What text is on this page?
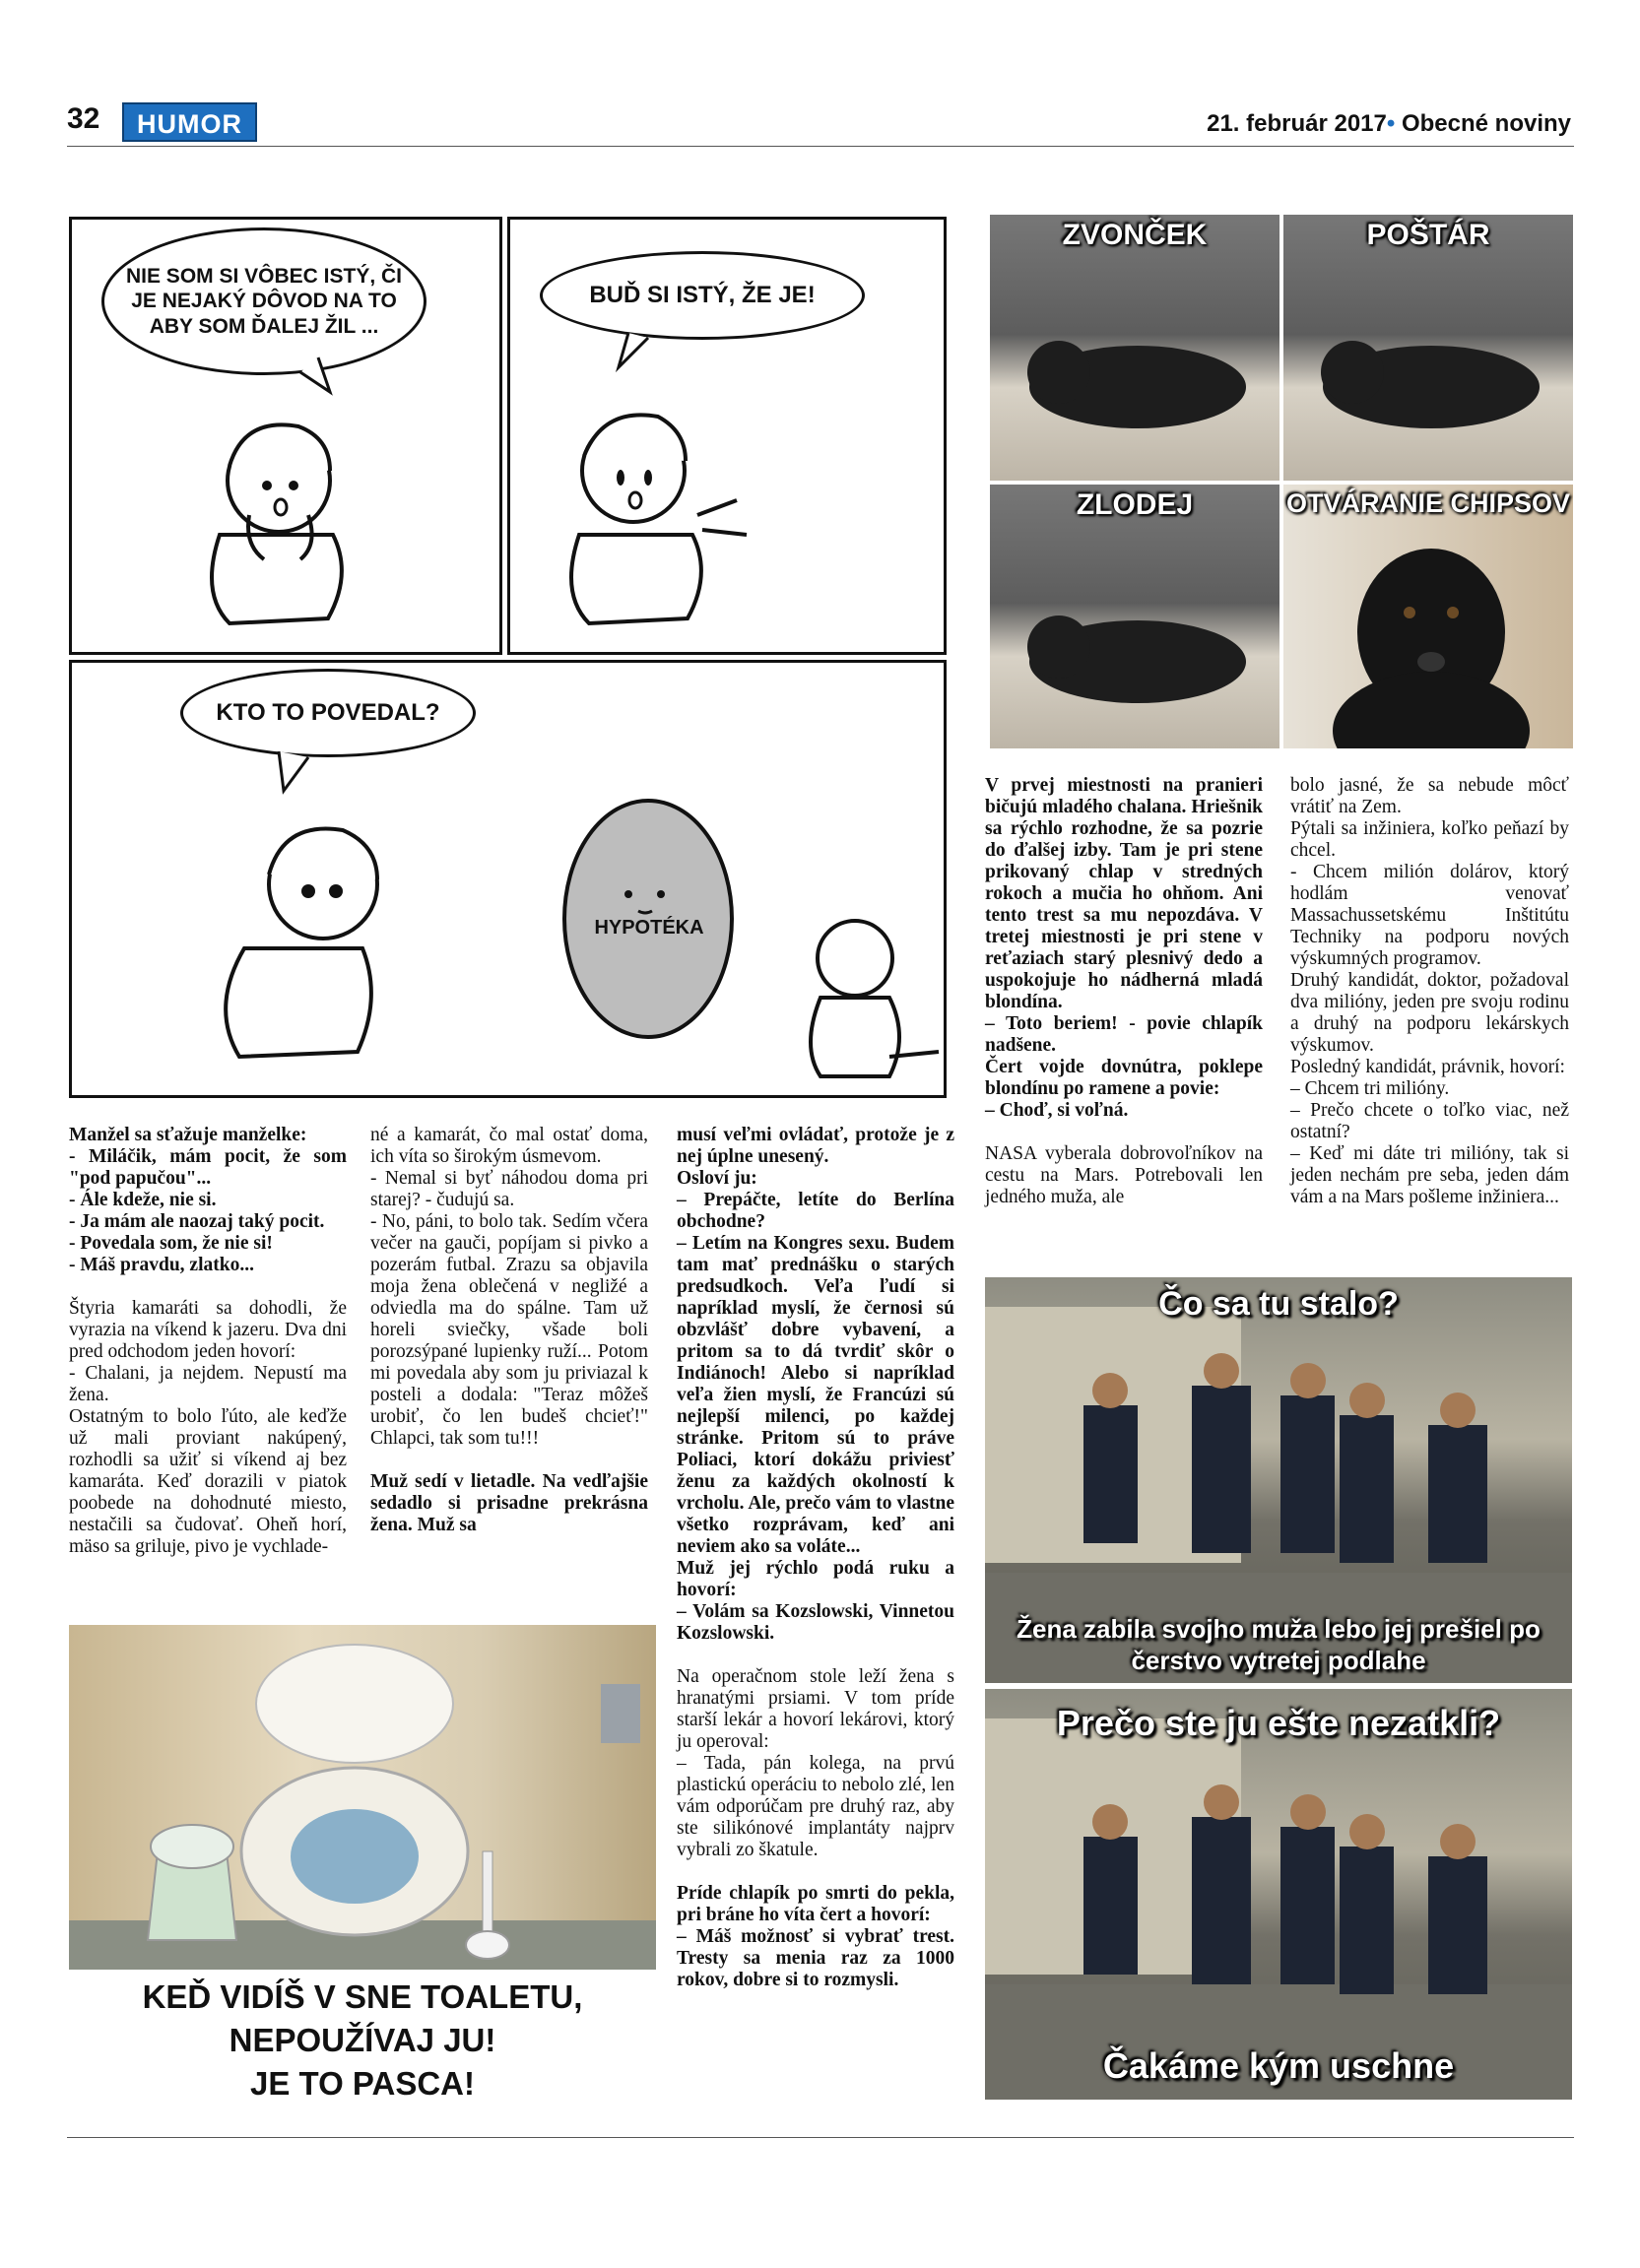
32	HUMOR	21. február 2017• Obecné noviny
NIE SOM SI VÔBEC ISTÝ, ČI JE NEJAKÝ DÔVOD NA TO ABY SOM ĎALEJ ŽIL ...
BUĎ SI ISTÝ, ŽE JE!
KTO TO POVEDAL?
HYPOTÉKA
ZVONČEK	POŠTÁR
ZLODEJ	OTVÁRANIE CHIPSOV

Manžel sa sťažuje manželke:

- Miláčik, mám pocit, že som "pod papučou"...

- Ále kdeže, nie si.

- Ja mám ale naozaj taký pocit.

- Povedala som, že nie si!

- Máš pravdu, zlatko...

Štyria kamaráti sa dohodli, že vyrazia na víkend k jazeru. Dva dni pred odchodom jeden hovorí:

- Chalani, ja nejdem. Nepustí ma žena.

Ostatným to bolo ľúto, ale keďže už mali proviant nakúpený, rozhodli sa užiť si víkend aj bez kamaráta. Keď dorazili v piatok poobede na dohodnuté miesto, nestačili sa čudovať. Oheň horí, mäso sa griluje, pivo je vychlade-

né a kamarát, čo mal ostať doma, ich víta so širokým úsmevom.

- Nemal si byť náhodou doma pri starej? - čudujú sa.

- No, páni, to bolo tak. Sedím včera večer na gauči, popíjam si pivko a pozerám futbal. Zrazu sa objavila moja žena oblečená v negližé a odviedla ma do spálne. Tam už horeli sviečky, všade boli porozsýpané lupienky ruží... Potom mi povedala aby som ju priviazal k posteli a dodala: "Teraz môžeš urobiť, čo len budeš chcieť!" Chlapci, tak som tu!!!

Muž sedí v lietadle. Na vedľajšie sedadlo si prisadne prekrásna žena. Muž sa

musí veľmi ovládať, protože je z nej úplne unesený.

Osloví ju:

– Prepáčte, letíte do Berlína obchodne?

– Letím na Kongres sexu. Budem tam mať prednášku o starých predsudkoch. Veľa ľudí si napríklad myslí, že černosi sú obzvlášť dobre vybavení, a pritom sa to dá tvrdiť skôr o Indiánoch! Alebo si napríklad veľa žien myslí, že Francúzi sú nejlepší milenci, po každej stránke. Pritom sú to práve Poliaci, ktorí dokážu priviesť ženu za každých okolností k vrcholu. Ale, prečo vám to vlastne všetko rozprávam, keď ani neviem ako sa voláte...

Muž jej rýchlo podá ruku a hovorí:

– Volám sa Kozslowski, Vinnetou Kozslowski.

Na operačnom stole leží žena s hranatými prsiami. V tom príde starší lekár a hovorí lekárovi, ktorý ju operoval:

– Tada, pán kolega, na prvú plastickú operáciu to nebolo zlé, len vám odporúčam pre druhý raz, aby ste silikónové implantáty najprv vybrali zo škatule.

Príde chlapík po smrti do pekla, pri bráne ho víta čert a hovorí:

– Máš možnosť si vybrať trest. Tresty sa menia raz za 1000 rokov, dobre si to rozmysli.

V prvej miestnosti na pranieri bičujú mladého chalana. Hriešnik sa rýchlo rozhodne, že sa pozrie do ďalšej izby. Tam je pri stene prikovaný chlap v stredných rokoch a mučia ho ohňom. Ani tento trest sa mu nepozdáva. V tretej miestnosti je pri stene v reťaziach starý plesnivý dedo a uspokojuje ho nádherná mladá blondína.

– Toto beriem! - povie chlapík nadšene.

Čert vojde dovnútra, poklepe blondínu po ramene a povie:

– Choď, si voľná.

NASA vyberala dobrovoľníkov na cestu na Mars. Potrebovali len jedného muža, ale

bolo jasné, že sa nebude môcť vrátiť na Zem.

Pýtali sa inžiniera, koľko peňazí by chcel.

- Chcem milión dolárov, ktorý hodlám venovať Massachussetskému Inštitútu Techniky na podporu nových výskumných programov.

Druhý kandidát, doktor, požadoval dva milióny, jeden pre svoju rodinu a druhý na podporu lekárskych výskumov.

Posledný kandidát, právnik, hovorí:

– Chcem tri milióny.

– Prečo chcete o toľko viac, než ostatní?

– Keď mi dáte tri milióny, tak si jeden nechám pre seba, jeden dám vám a na Mars pošleme inžiniera...

KEĎ VIDÍŠ V SNE TOALETU,
NEPOUŽÍVAJ JU!
JE TO PASCA!
Čo sa tu stalo?
Žena zabila svojho muža lebo jej prešiel po
čerstvo vytretej podlahe
Prečo ste ju ešte nezatkli?
Čakáme kým uschne
